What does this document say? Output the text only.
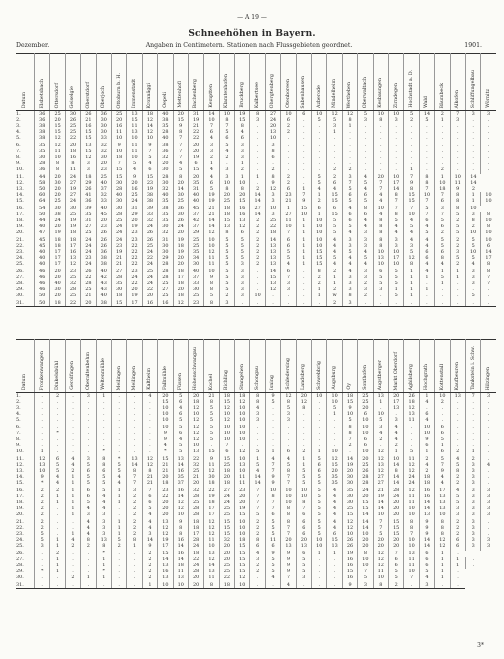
— A 19 —
Schneehöhen in Bayern.
Dezember.	Angaben in Centimetern. Stationen nach Flussgebieten geordnet.	1901.
Datum	Elsbetsbach	Ottersdorf	Geiselgie	Oberstdorf	Oberjoch	Ottoburn b. H.	Immenstadt	Kronnäggi	Oepeli	Mettenhofl	Bachenberg	Kemptten	Klamtenhofen	Bruckberg	Kalbertsee	Ohergtenberg	Otenboreen	Sabenhausen	Azberode	Mindelheim	Wertheben	Oberwaltach	Kesbaungen	Zirndegen	Hochstadt a. D.	Wald	Bäumbeck	Alkofen	Schliffungelbau	Wörnitz
1.	36	25	30	26	36	25	13	18	40	20	31	14	10	19	8	27	10	6	10	12	12	5	10	10	5	14	2	7	3	3
2.	36	20	26	21	30	20	15	12	38	15	19	10	8	15	3	24	6	.	5	5	8	3	8	3	2	5	1	3	.	.
3.	38	15	25	16	30	16	11	14	35	9	21	7	7	8	.	20	2	.	.	3	1	.	.	.	.	.	.	.	.	.
4.	38	15	25	15	30	11	13	12	28	8	22	6	5	4	.	13	2	.	.	1	.	.	.	.	.	.	.	.	.	.
5.	38	12	22	15	33	10	10	10	40	7	22	4	6	6	.	10	.	.	.	.	.	.	.	.	.	.	.	.	.	.
6.	35	12	20	13	32	9	11	9	38	7	20	3	5	3	.	3	.	.	.	.	.	.	.	.	.	.	.	.	.	.
7.	35	11	18	15	32	10	11	7	36	7	20	3	4	3	.	8	.	.	.	.	.	.	.	.	.	.	.	.	.	.
8.	30	10	16	12	30	18	10	5	32	7	19	2	2	3	.	6	.	.	.	.	.	.	.	.	.	.	.	.	.	.
9.	28	8	8	3	20	7	5	4	20	4	6	1	.	1	.	.	.	.	.	.	.	.	.	.	.	.	.	.	.	.
10.	36	8	11	3	23	15	4	6	30	5	15	4	3	2	.	2	.	.	.	2	2	.	.	.	1	.	2	.	.	.
11.	44	20	24	18	25	15	9	15	28	8	20	4	3	1	1	8	2	.	5	2	3	4	20	10	7	8	1	10	14	
12.	58	30	27	29	40	30	20	23	30	20	35	6	10	10	.	9	2	.	5	6	7	5	7	17	9	8	10	11	14	
13.	50	20	19	26	37	28	16	19	32	14	31	5	8	8	2	12	6	1	4	4	5	4	7	14	8	7	18	9	2	
14.	60	20	27	41	32	40	25	38	40	30	40	19	20	20	14	3	23	7	1	15	6	6	4	8	15	10	7	8	1	10
15.	64	25	24	36	33	30	24	38	35	25	40	19	25	15	14	3	21	9	2	15	5	5	4	7	15	7	6	8	1	10
16.	54	30	30	39	40	30	31	39	38	36	45	21	18	16	27	10	1	15	6	6	4	8	10	7	7	5	3	8	10	
17.	50	38	25	35	45	28	29	33	35	30	37	21	18	16	14	3	27	10	1	15	6	6	4	8	10	7	7	5	3	8
18.	44	24	19	31	20	25	20	32	35	26	42	14	15	13	2	25	11	1	10	5	6	4	8	5	4	6	5	2	8	10
19.	40	20	19	27	23	24	19	24	30	24	37	14	13	12	2	22	10	1	10	5	5	4	8	4	5	4	6	5	2	8
20.	47	19	18	25	26	24	23	26	32	20	29	12	8	6	2	18	7	1	10	5	4	3	8	4	4	5	2	5	10	10
21.	45	18	18	24	26	24	23	26	31	19	25	10	5	5	2	14	6	1	10	4	3	3	8	3	4	4	5	2	5	10
22.	45	18	17	24	26	23	22	25	30	18	25	10	5	5	2	13	6	1	10	4	3	3	8	3	3	4	5	2	5	6
23.	40	17	16	24	36	19	22	24	30	19	35	12	5	5	2	13	5	1	15	4	5	4	10	10	5	6	6	3	10	14
24.	40	17	13	23	38	21	22	22	29	20	34	11	5	5	2	13	5	1	15	5	4	5	13	17	12	6	8	5	5	17
25.	40	17	12	24	38	21	22	24	28	20	30	11	5	3	2	13	4	1	15	4	4	4	10	10	8	4	4	2	4	8
26.	46	20	23	26	40	27	23	25	28	18	40	10	5	3	.	14	6	.	8	2	4	3	6	5	1	4	1	1	3	8
27.	46	20	25	22	42	28	24	24	28	17	37	9	5	3	.	15	7	.	2	1	3	3	5	5	1	1	5	1	3	7
28.	46	40	32	28	43	35	22	24	25	18	33	8	5	3	.	13	3	.	2	1	3	2	5	5	1	.	1	.	3	7
29.	46	30	28	25	43	30	20	22	27	20	30	8	5	3	.	12	3	.	1	2	3	3	3	1	1	1	.	.	.	.
30.	50	20	25	21	40	18	19	20	25	18	25	5	2	3	10	.	.	.	1	w	8	2	.	5	1	.	.	.	5	.
31.	50	18	22	20	38	15	17	16	16	12	23	8	3	.	.	.	.	.	.	2	3	.	.	.	.	.	.	.	.	.
Datum	Fronkenwangen	Dinkelsbühl	Gerolfingen	Oberaltenbehm	Weltenmühle	Meilingen	Meilingen	Kaltheim	Fallmühle	Füssen	Hohenschwangau	Kochel	Bichling	Stangehen	Schongau	Isning	Schledersing	Landsberg	Schwebbrig	Augsburg	Oy	Sonthofen	Augstberger	Markt Oberdorf	Agbilsberg	Hochgrath	Kottenstall	Kaufbeuren	Tankstein i. Schw.	Hilzingen
1.	.	2	.	3	1	.	.	4	20	5	20	21	18	18	8	9	12	20	10	10	18	25	13	20	26	1	10	13	7	3
2.	.	.	.	.	.	.	.	.	15	6	18	8	15	12	8	5	8	12	.	10	15	25	1	17	18	4	2	.	.	.
3.	.	.	.	.	.	.	.	.	10	4	12	5	12	10	4	.	5	8	.	5	9	20	.	13	12	.	.	.	.	.
4.	.	.	.	.	.	.	.	.	10	6	10	5	10	10	3	.	3	.	.	1	10	6	10	.	13	6	.	.	.	.
5.	.	.	.	.	.	.	.	.	10	5	12	5	12	10	3	.	3	.	.	.	5	10	5	3	11	4	.	.	.	.
6.	.	.	.	.	.	.	.	.	10	5	12	5	10	10	.	.	.	.	.	.	8	10	3	4	.	10	6	.	.	.
7.	.	*	.	.	.	.	.	.	9	6	12	5	10	10	.	.	.	.	.	.	8	10	4	4	.	10	6	.	.	.
8.	.	.	.	.	.	.	.	.	9	4	12	5	10	10	.	.	.	.	.	.	7	6	2	4	.	9	5	.	.	.
9.	.	.	.	.	.	.	.	.	4	5	10	.	7	.	.	.	.	.	.	.	2	6	.	2	.	6	1	.	.	.
10.	1	.	.	.	*	.	.	.	*	5	13	15	6	12	5	1	6	2	1	10	.	10	12	1	5	1	6	2	1	.
11.	12	6	4	3	8	*	13	12	15	13	22	9	15	10	1	4	4	1	5	12	14	20	12	10	11	2	5	4	2	.
12.	13	5	4	5	8	5	14	12	21	14	32	11	25	13	5	7	5	1	6	15	19	25	13	14	12	4	7	5	3	4
13.	10	5	2	6	6	5	8	8	21	16	25	12	18	10	4	7	8	5	6	20	20	26	12	8	12	2	9	8	3	.
14.	9	4	1	5	5	4	7	21	20	35	21	30	20	11	14	9	7	5	5	35	30	28	27	14	24	18	4	2	3	.
15.	*	4	1	5	5	4	7	21	18	37	20	18	18	11	14	9	7	5	5	35	30	28	27	14	24	18	4	2	3	.
16.	2	2	1	6	5	1	3	7	23	16	32	22	27	23	7	10	10	10	5	4	35	24	21	28	12	16	17	4	3	3
17.	2	1	1	6	4	1	2	6	22	14	28	19	24	20	7	8	10	10	5	4	30	20	19	24	11	16	13	5	3	3
18.	2	1	1	5	4	1	2	6	20	12	25	18	24	20	7	7	10	8	5	4	30	15	14	20	11	14	13	5	3	3
19.	2	.	1	4	4	.	2	5	20	12	28	17	25	19	7	7	8	7	5	4	25	15	14	20	10	14	13	3	3	3
20.	2	.	1	3	3	.	2	4	20	10	28	17	25	15	5	6	8	6	5	4	15	14	10	20	10	13	10	3	3	3
21.	2	.	.	4	3	1	2	4	13	9	18	12	15	10	2	5	8	6	5	4	12	14	7	15	8	9	8	2	3	.
22.	2	.	.	4	3	1	2	4	12	8	18	12	15	10	2	5	7	6	5	4	12	14	7	15	8	9	8	2	3	.
23.	5	.	1	4	3	1	2	3	12	8	17	12	15	10	2	5	7	6	5	6	10	10	5	15	7	9	8	2	3	.
24.	5	1	4	8	13	5	8	14	19	16	28	11	32	18	8	11	20	20	10	15	26	20	20	20	10	14	12	6	3	3
25.	3	1	2	2	8	2	1	9	17	14	24	10	20	15	6	6	13	13	10	13	26	20	20	20	10	14	12	6	3	3
26.	.	2	.	.	*	.	.	2	15	16	18	13	20	15	4	9	9	6	1	1	19	8	12	7	13	6	1	.		
27.	.	1	.	.	1	.	.	2	14	14	22	12	20	15	3	5	9	5	.	.	16	10	12	6	11	6	1	1	.	
28.	.	1	.	.	1	.	.	2	13	18	24	14	25	15	2	5	9	5	.	.	16	10	12	6	11	6	1	1	.	
29.	*	1	.	.	*	.	.	2	16	11	28	13	25	15	2	5	9	5	.	.	15	7	11	5	10	5	1	.		
30.	.	.	2	1	1	.	.	2	13	13	20	11	22	12	.	4	7	3	.	.	16	5	10	5	7	4	1	.		
31.	.	.	.	.	.	.	.	1	10	10	20	8	18	10	.	.	4	.	.	.	9	3	8	2	.	3	.	.		
3*
